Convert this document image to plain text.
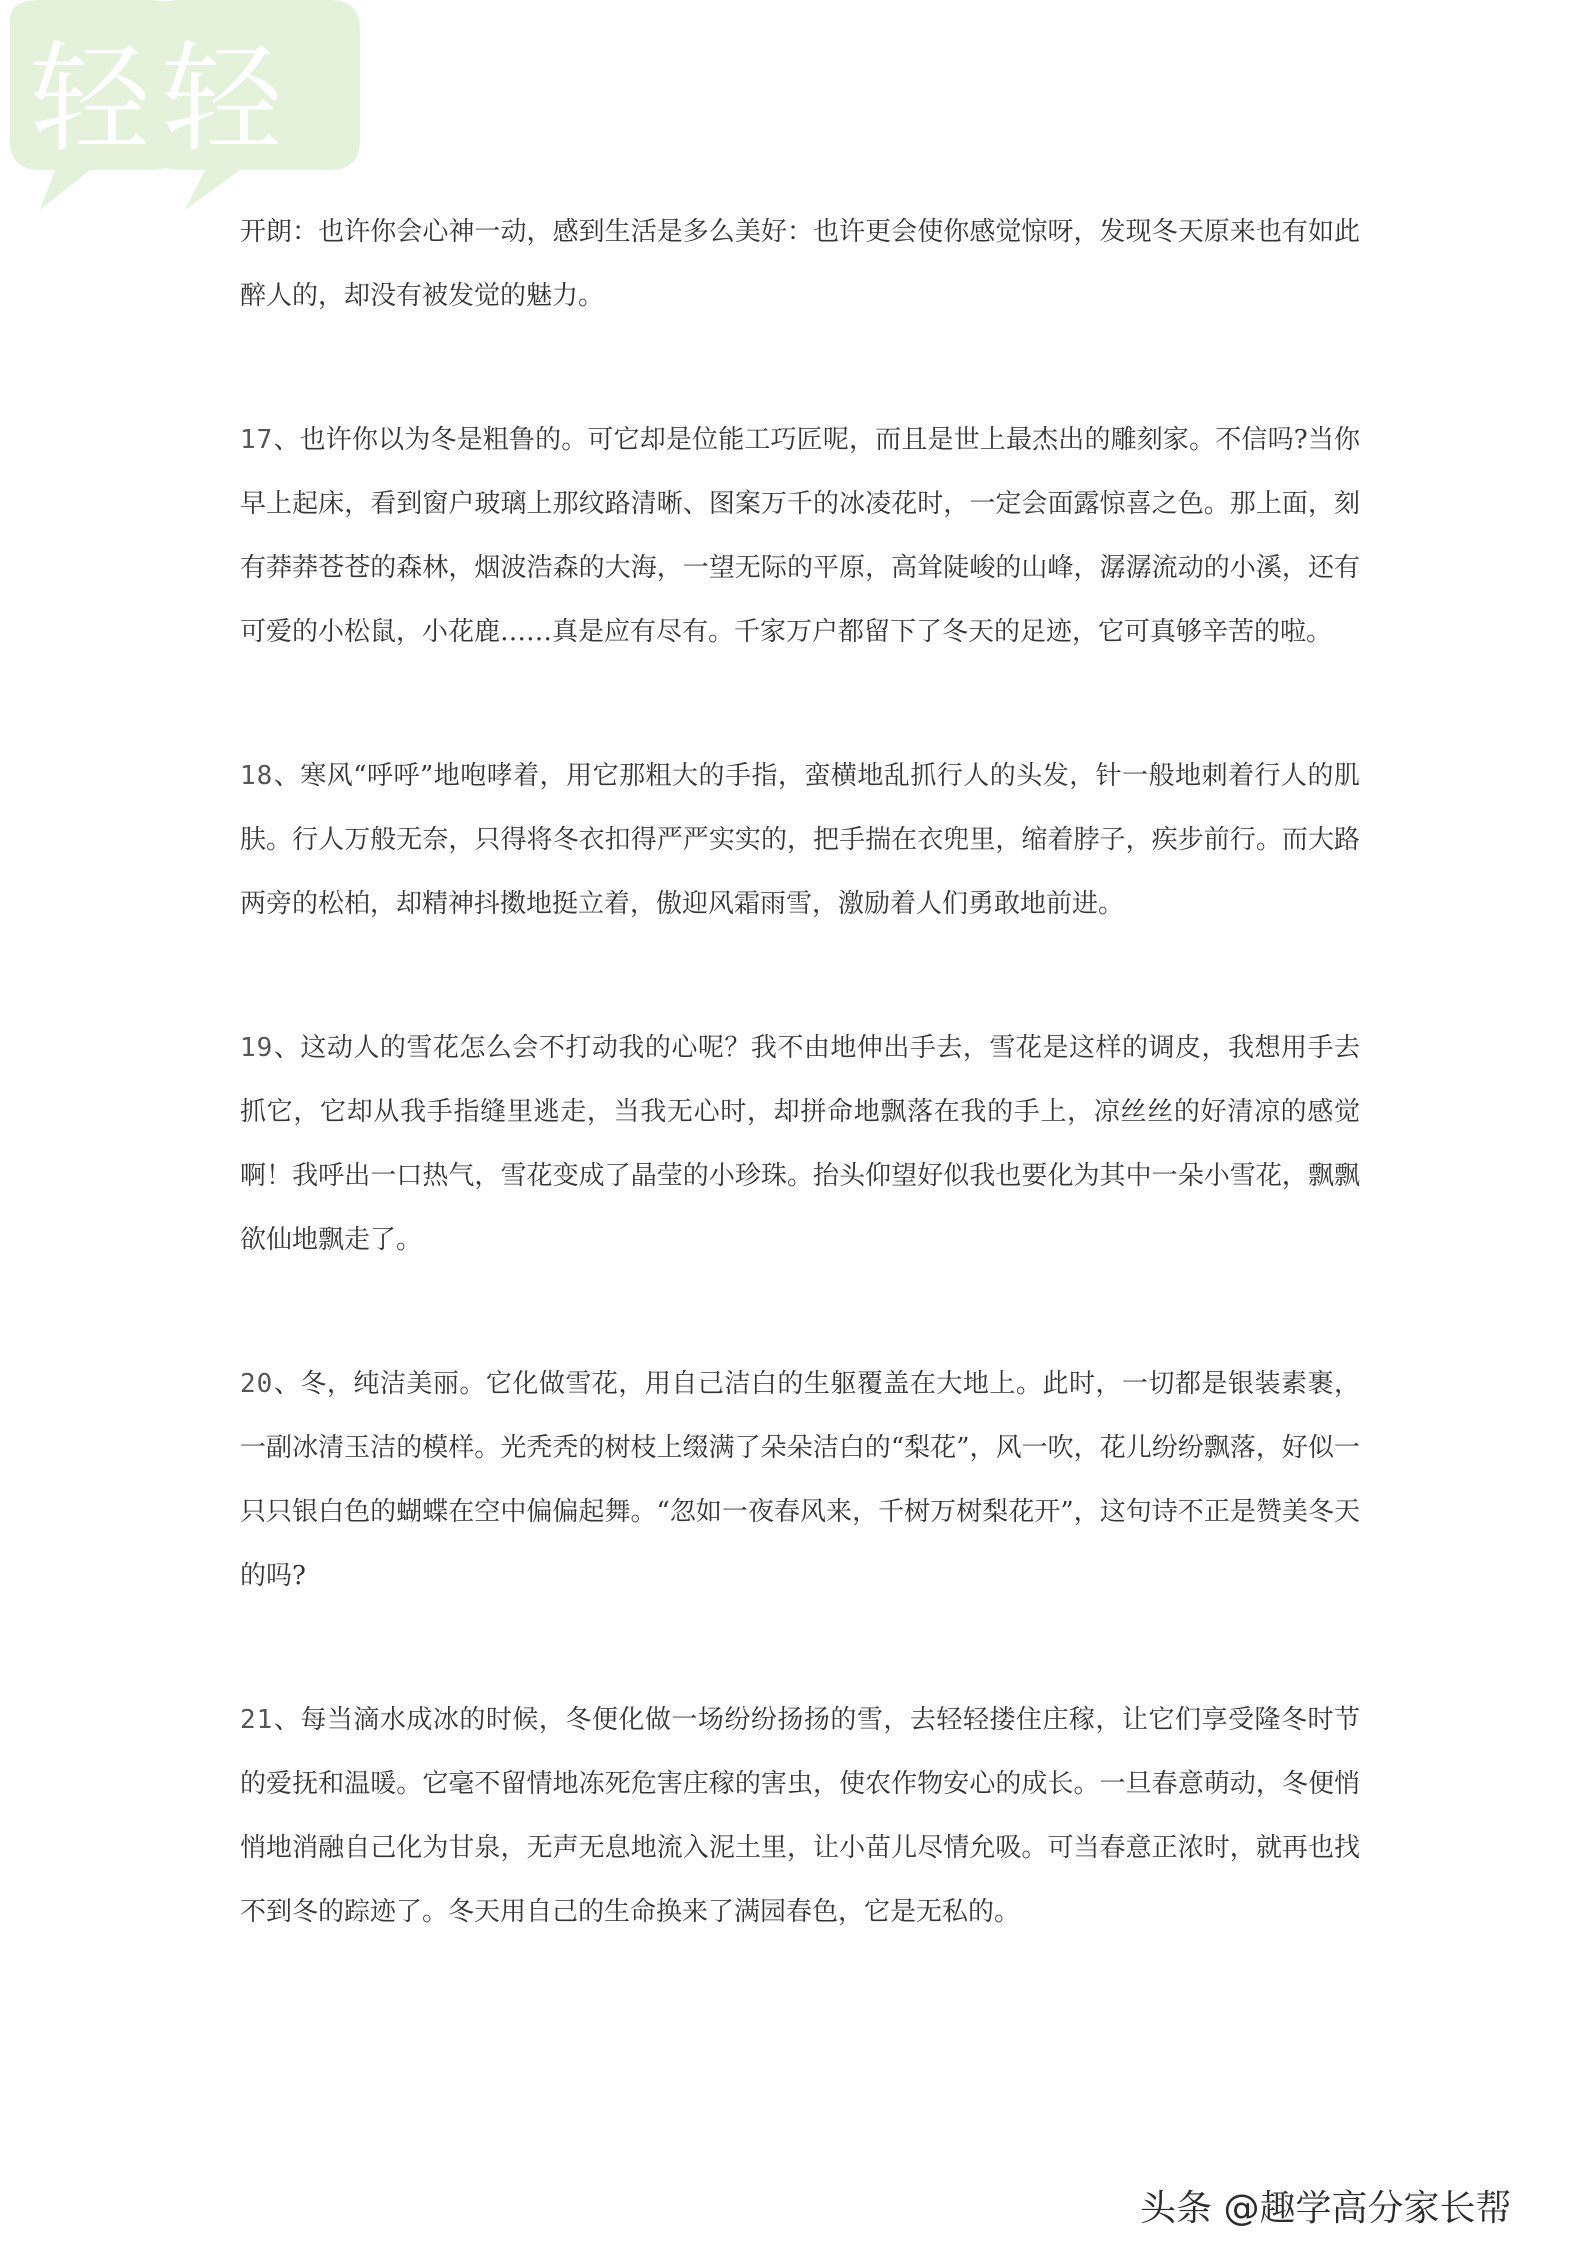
轻轻

开朗：也许你会心神一动，感到生活是多么美好：也许更会使你感觉惊呀，发现冬天原来也有如此醉人的，却没有被发觉的魅力。

17、也许你以为冬是粗鲁的。可它却是位能工巧匠呢，而且是世上最杰出的雕刻家。不信吗?当你早上起床，看到窗户玻璃上那纹路清晰、图案万千的冰凌花时，一定会面露惊喜之色。那上面，刻有莽莽苍苍的森林，烟波浩森的大海，一望无际的平原，高耸陡峻的山峰，潺潺流动的小溪，还有可爱的小松鼠，小花鹿……真是应有尽有。千家万户都留下了冬天的足迹，它可真够辛苦的啦。

18、寒风“呼呼”地咆哮着，用它那粗大的手指，蛮横地乱抓行人的头发，针一般地刺着行人的肌肤。行人万般无奈，只得将冬衣扣得严严实实的，把手揣在衣兜里，缩着脖子，疾步前行。而大路两旁的松柏，却精神抖擞地挺立着，傲迎风霜雨雪，激励着人们勇敢地前进。

19、这动人的雪花怎么会不打动我的心呢？我不由地伸出手去，雪花是这样的调皮，我想用手去抓它，它却从我手指缝里逃走，当我无心时，却拼命地飘落在我的手上，凉丝丝的好清凉的感觉啊！我呼出一口热气，雪花变成了晶莹的小珍珠。抬头仰望好似我也要化为其中一朵小雪花，飘飘欲仙地飘走了。

20、冬，纯洁美丽。它化做雪花，用自己洁白的生躯覆盖在大地上。此时，一切都是银装素裹，一副冰清玉洁的模样。光秃秃的树枝上缀满了朵朵洁白的“梨花”，风一吹，花儿纷纷飘落，好似一只只银白色的蝴蝶在空中偏偏起舞。“忽如一夜春风来，千树万树梨花开”，这句诗不正是赞美冬天的吗?

21、每当滴水成冰的时候，冬便化做一场纷纷扬扬的雪，去轻轻搂住庄稼，让它们享受隆冬时节的爱抚和温暖。它毫不留情地冻死危害庄稼的害虫，使农作物安心的成长。一旦春意萌动，冬便悄悄地消融自己化为甘泉，无声无息地流入泥土里，让小苗儿尽情允吸。可当春意正浓时，就再也找不到冬的踪迹了。冬天用自己的生命换来了满园春色，它是无私的。

头条 @趣学高分家长帮
